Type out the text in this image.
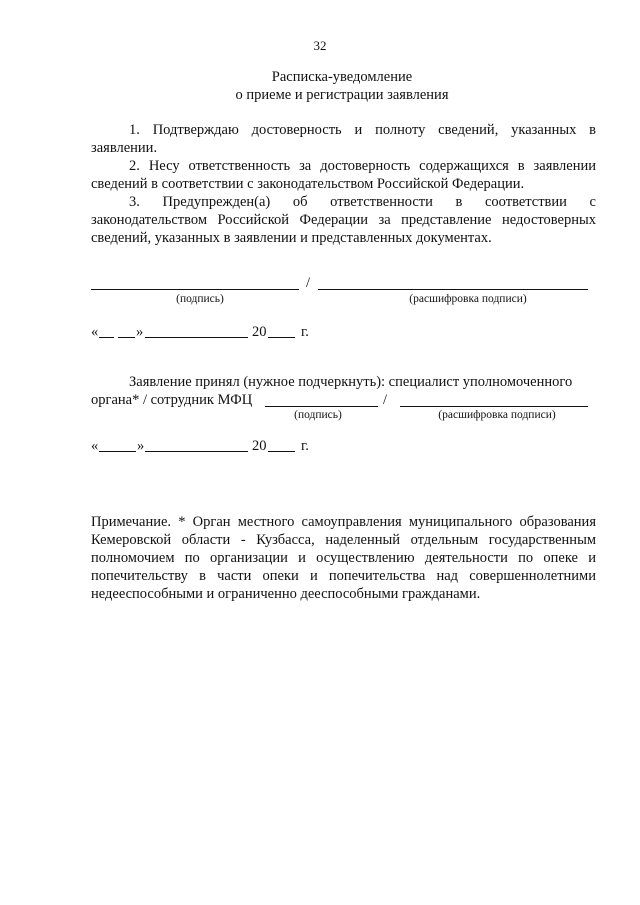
32
Расписка-уведомление
о приеме и регистрации заявления

1. Подтверждаю достоверность и полноту сведений, указанных в заявлении.

2. Несу ответственность за достоверность содержащихся в заявлении сведений в соответствии с законодательством Российской Федерации.

3. Предупрежден(а) об ответственности в соответствии с законодательством Российской Федерации за представление недостоверных сведений, указанных в заявлении и представленных документах.

/
(подпись)	(расшифровка подписи)
«	»	20 г.
Заявление принял (нужное подчеркнуть): специалист уполномоченного
органа* / сотрудник МФЦ	/
(подпись)	(расшифровка подписи)
«	»	20 г.

Примечание. * Орган местного самоуправления муниципального образования Кемеровской области - Кузбасса, наделенный отдельным государственным полномочием по организации и осуществлению деятельности по опеке и попечительству в части опеки и попечительства над совершеннолетними недееспособными и ограниченно дееспособными гражданами.
